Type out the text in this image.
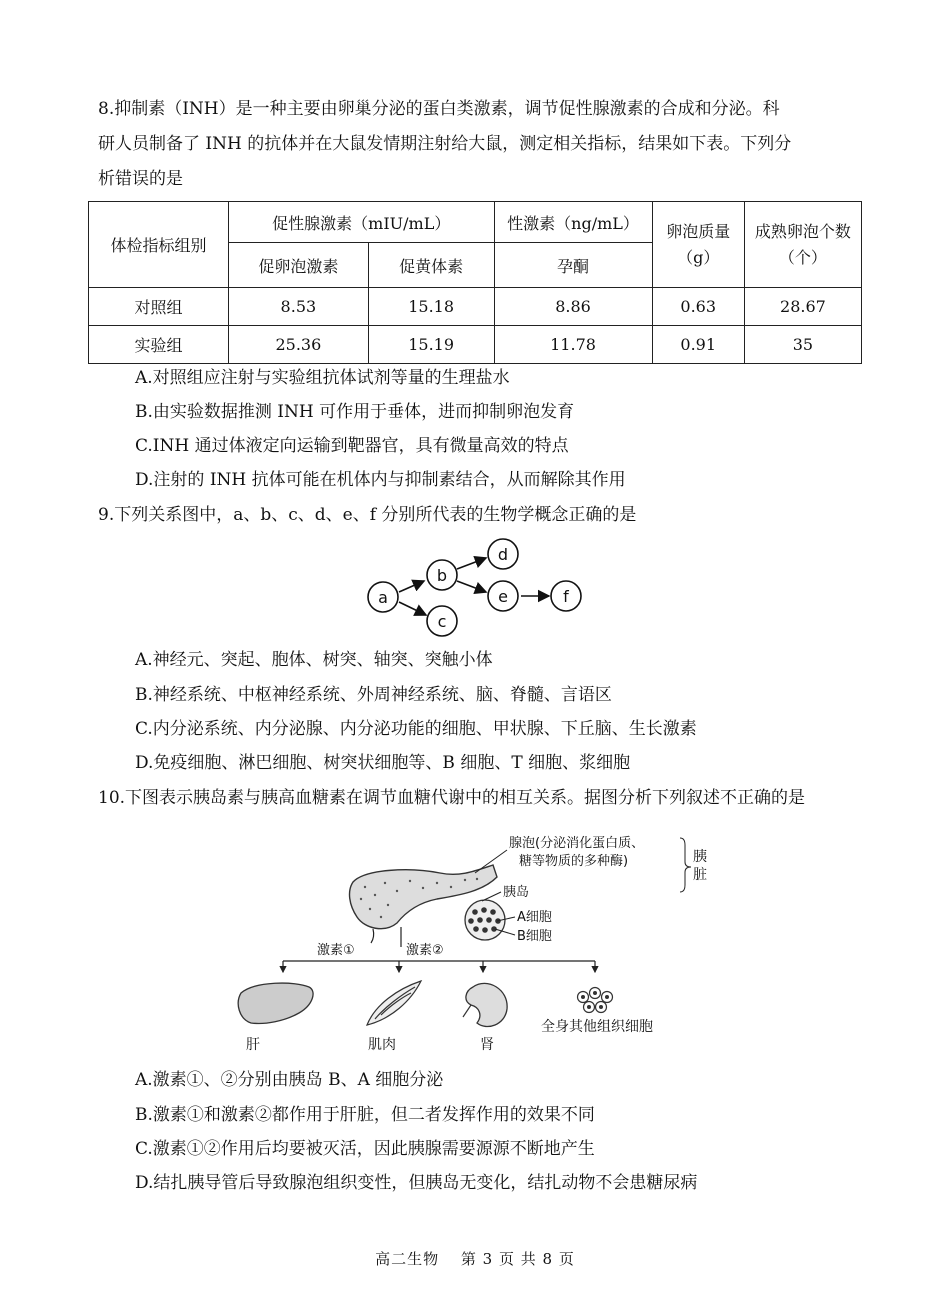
8.抑制素（INH）是一种主要由卵巢分泌的蛋白类激素，调节促性腺激素的合成和分泌。科
研人员制备了 INH 的抗体并在大鼠发情期注射给大鼠，测定相关指标，结果如下表。下列分
析错误的是
体检指标组别	促性腺激素（mIU/mL）		性激素（ng/mL）	卵泡质量（g）	成熟卵泡个数（个）
	促卵泡激素	促黄体素	孕酮		
对照组	8.53	15.18	8.86	0.63	28.67
实验组	25.36	15.19	11.78	0.91	35
A.对照组应注射与实验组抗体试剂等量的生理盐水
B.由实验数据推测 INH 可作用于垂体，进而抑制卵泡发育
C.INH 通过体液定向运输到靶器官，具有微量高效的特点
D.注射的 INH 抗体可能在机体内与抑制素结合，从而解除其作用
9.下列关系图中，a、b、c、d、e、f 分别所代表的生物学概念正确的是
a
b
c
d
e	f
A.神经元、突起、胞体、树突、轴突、突触小体
B.神经系统、中枢神经系统、外周神经系统、脑、脊髓、言语区
C.内分泌系统、内分泌腺、内分泌功能的细胞、甲状腺、下丘脑、生长激素
D.免疫细胞、淋巴细胞、树突状细胞等、B 细胞、T 细胞、浆细胞
10.下图表示胰岛素与胰高血糖素在调节血糖代谢中的相互关系。据图分析下列叙述不正确的是
腺泡(分泌消化蛋白质、
糖等物质的多种酶)	胰
脏
胰岛
A细胞
B细胞
激素①	激素②
肝	肌肉	肾
全身其他组织细胞
A.激素①、②分别由胰岛 B、A 细胞分泌
B.激素①和激素②都作用于肝脏，但二者发挥作用的效果不同
C.激素①②作用后均要被灭活，因此胰腺需要源源不断地产生
D.结扎胰导管后导致腺泡组织变性，但胰岛无变化，结扎动物不会患糖尿病
高二生物　 第 3 页 共 8 页
